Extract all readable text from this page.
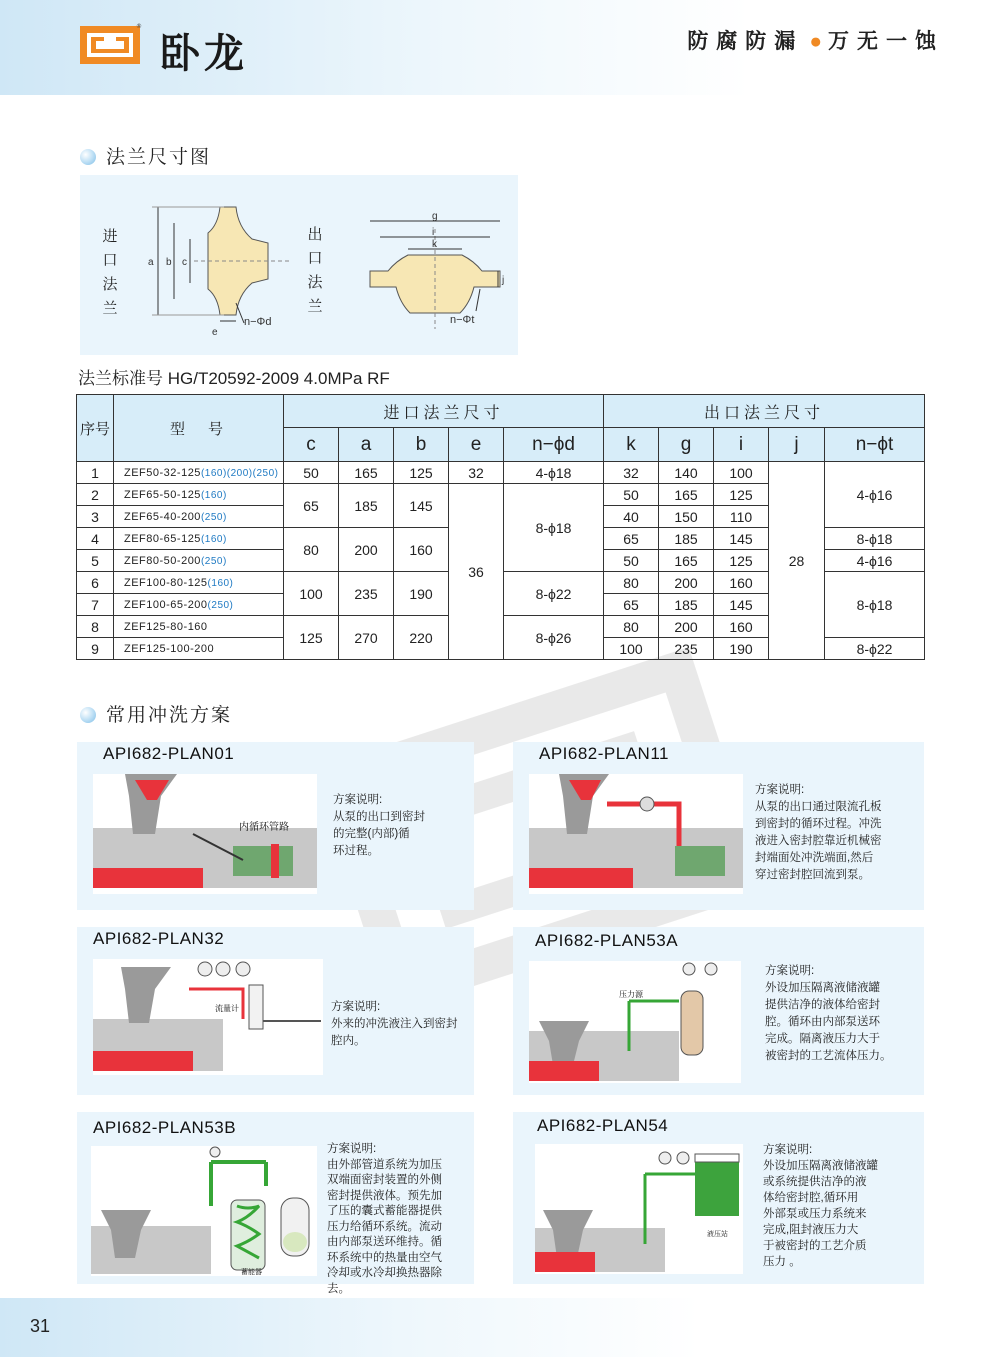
®
卧龙	防腐防漏 ● 万无一蚀
法兰尺寸图
进
口
法
兰
出
口
法
兰
a b c
e
n−Φd
g
i
k
j
n−Φt
法兰标准号 HG/T20592-2009 4.0MPa RF
序号	型　号	进口法兰尺寸					出口法兰尺寸				
		c	a	b	e	n−ϕd	k	g	i	j	n−ϕt
1	ZEF50-32-125(160)(200)(250)	50	165	125	32	4-ϕ18	32	140	100	28	4-ϕ16
2	ZEF65-50-125(160)	65	185	145	36	8-ϕ18	50	165	125		
3	ZEF65-40-200(250)						40	150	110		
4	ZEF80-65-125(160)	80	200	160			65	185	145		8-ϕ18
5	ZEF80-50-200(250)						50	165	125		4-ϕ16
6	ZEF100-80-125(160)	100	235	190		8-ϕ22	80	200	160		8-ϕ18
7	ZEF100-65-200(250)						65	185	145		
8	ZEF125-80-160	125	270	220		8-ϕ26	80	200	160		
9	ZEF125-100-200						100	235	190		8-ϕ22
常用冲洗方案
API682-PLAN01
内循环管路
方案说明:
从泵的出口到密封
的完整(内部)循
环过程。
API682-PLAN11
方案说明:
从泵的出口通过限流孔板
到密封的循环过程。冲洗
液进入密封腔靠近机械密
封端面处冲洗端面,然后
穿过密封腔回流到泵。
API682-PLAN32
流量计	方案说明:
外来的冲洗液注入到密封
腔内。
API682-PLAN53A
压力源
方案说明:
外设加压隔离液储液罐
提供洁净的液体给密封
腔。循环由内部泵送环
完成。隔离液压力大于
被密封的工艺流体压力。
API682-PLAN53B
蓄能器
方案说明:
由外部管道系统为加压
双端面密封装置的外侧
密封提供液体。预先加
了压的囊式蓄能器提供
压力给循环系统。流动
由内部泵送环维持。循
环系统中的热量由空气
冷却或水冷却换热器除
去。
API682-PLAN54
液压站
方案说明:
外设加压隔离液储液罐
或系统提供洁净的液
体给密封腔,循环用
外部泵或压力系统来
完成,阻封液压力大
于被密封的工艺介质
压力 。
31
